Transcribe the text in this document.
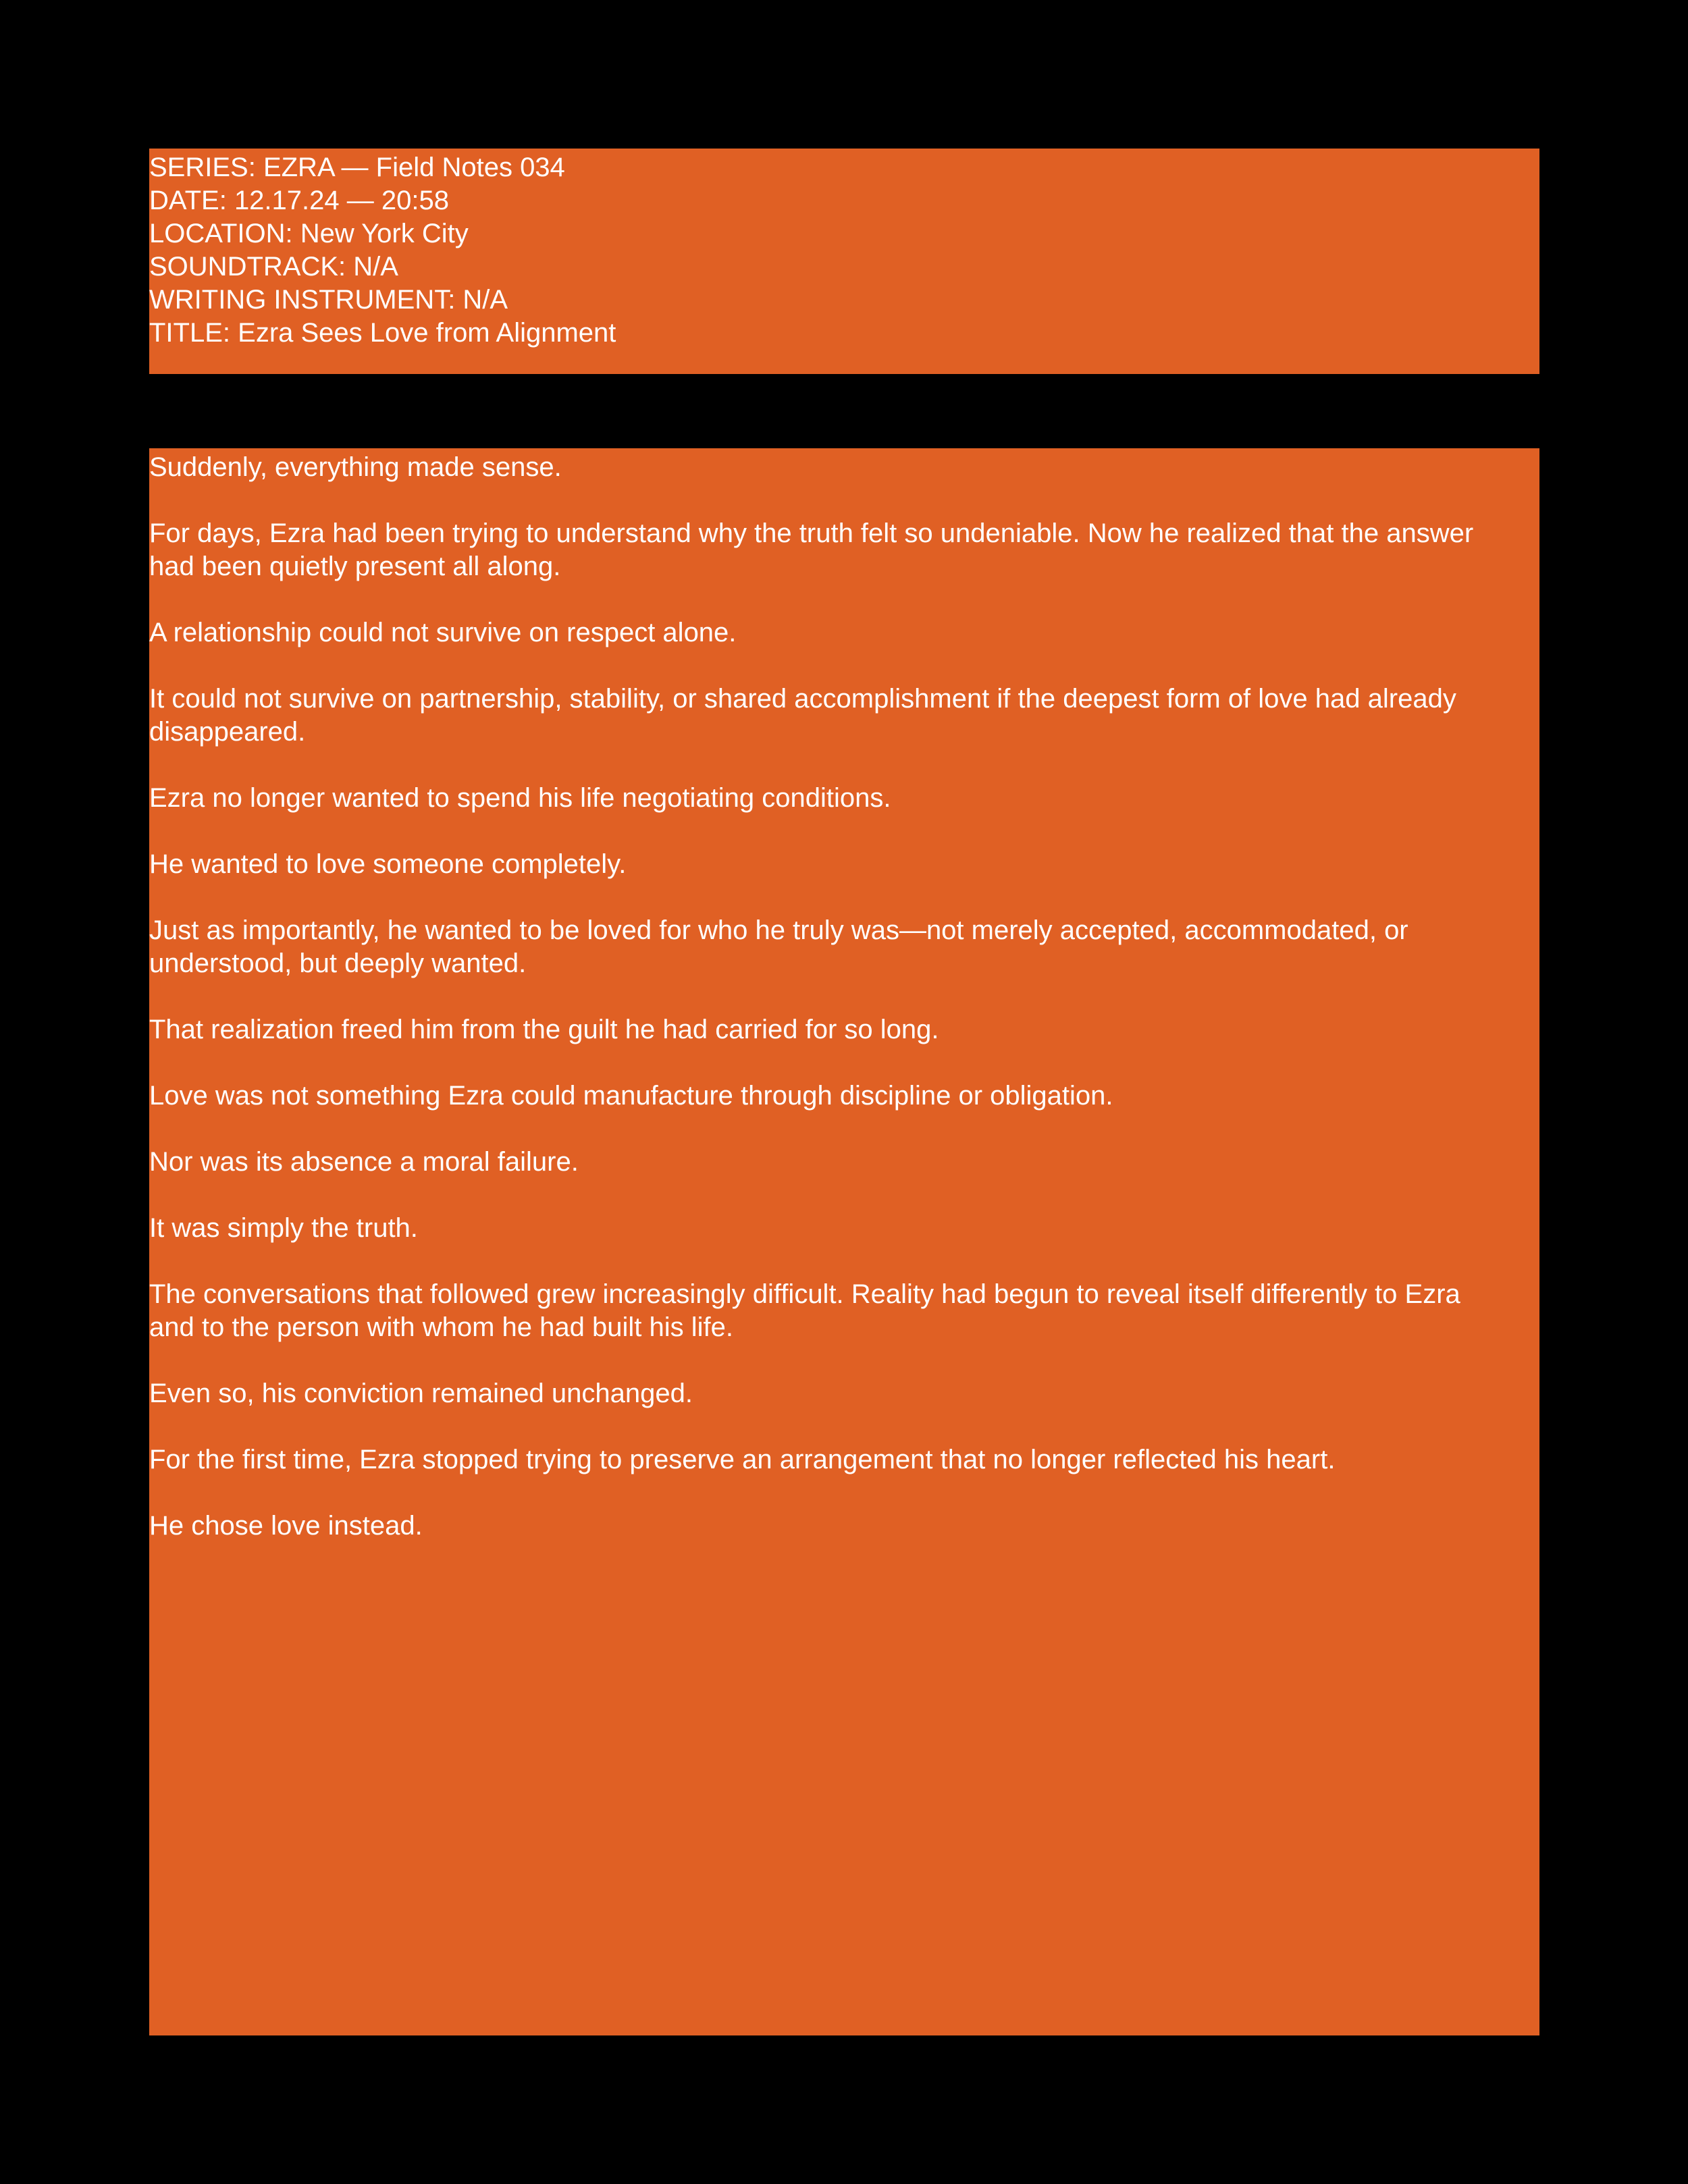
SERIES: EZRA — Field Notes 034
DATE: 12.17.24 — 20:58
LOCATION: New York City
SOUNDTRACK: N/A
WRITING INSTRUMENT: N/A
TITLE: Ezra Sees Love from Alignment

Suddenly, everything made sense.

For days, Ezra had been trying to understand why the truth felt so undeniable. Now he realized that the answer had been quietly present all along.

A relationship could not survive on respect alone.

It could not survive on partnership, stability, or shared accomplishment if the deepest form of love had already disappeared.

Ezra no longer wanted to spend his life negotiating conditions.

He wanted to love someone completely.

Just as importantly, he wanted to be loved for who he truly was—not merely accepted, accommodated, or understood, but deeply wanted.

That realization freed him from the guilt he had carried for so long.

Love was not something Ezra could manufacture through discipline or obligation.

Nor was its absence a moral failure.

It was simply the truth.

The conversations that followed grew increasingly difficult. Reality had begun to reveal itself differently to Ezra and to the person with whom he had built his life.

Even so, his conviction remained unchanged.

For the first time, Ezra stopped trying to preserve an arrangement that no longer reflected his heart.

He chose love instead.
